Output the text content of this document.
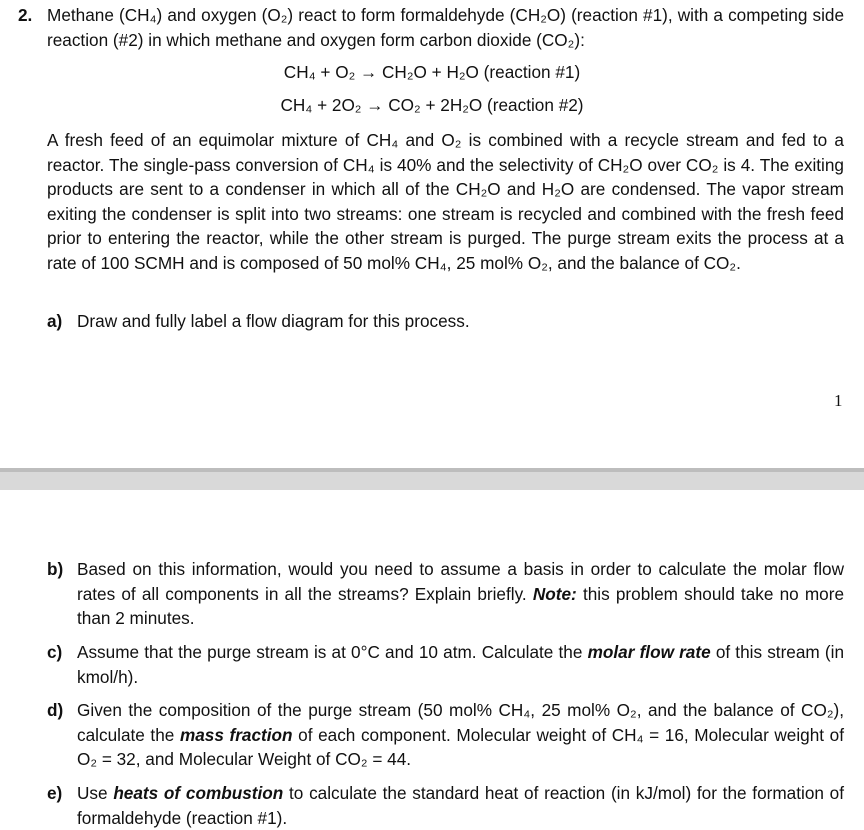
2. Methane (CH₄) and oxygen (O₂) react to form formaldehyde (CH₂O) (reaction #1), with a competing side reaction (#2) in which methane and oxygen form carbon dioxide (CO₂):
CH₄ + O₂ → CH₂O + H₂O (reaction #1)
CH₄ + 2O₂ → CO₂ + 2H₂O (reaction #2)
A fresh feed of an equimolar mixture of CH₄ and O₂ is combined with a recycle stream and fed to a reactor. The single-pass conversion of CH₄ is 40% and the selectivity of CH₂O over CO₂ is 4. The exiting products are sent to a condenser in which all of the CH₂O and H₂O are condensed. The vapor stream exiting the condenser is split into two streams: one stream is recycled and combined with the fresh feed prior to entering the reactor, while the other stream is purged. The purge stream exits the process at a rate of 100 SCMH and is composed of 50 mol% CH₄, 25 mol% O₂, and the balance of CO₂.
a) Draw and fully label a flow diagram for this process.
1
b) Based on this information, would you need to assume a basis in order to calculate the molar flow rates of all components in all the streams? Explain briefly. Note: this problem should take no more than 2 minutes.
c) Assume that the purge stream is at 0°C and 10 atm. Calculate the molar flow rate of this stream (in kmol/h).
d) Given the composition of the purge stream (50 mol% CH₄, 25 mol% O₂, and the balance of CO₂), calculate the mass fraction of each component. Molecular weight of CH₄ = 16, Molecular weight of O₂ = 32, and Molecular Weight of CO₂ = 44.
e) Use heats of combustion to calculate the standard heat of reaction (in kJ/mol) for the formation of formaldehyde (reaction #1).
